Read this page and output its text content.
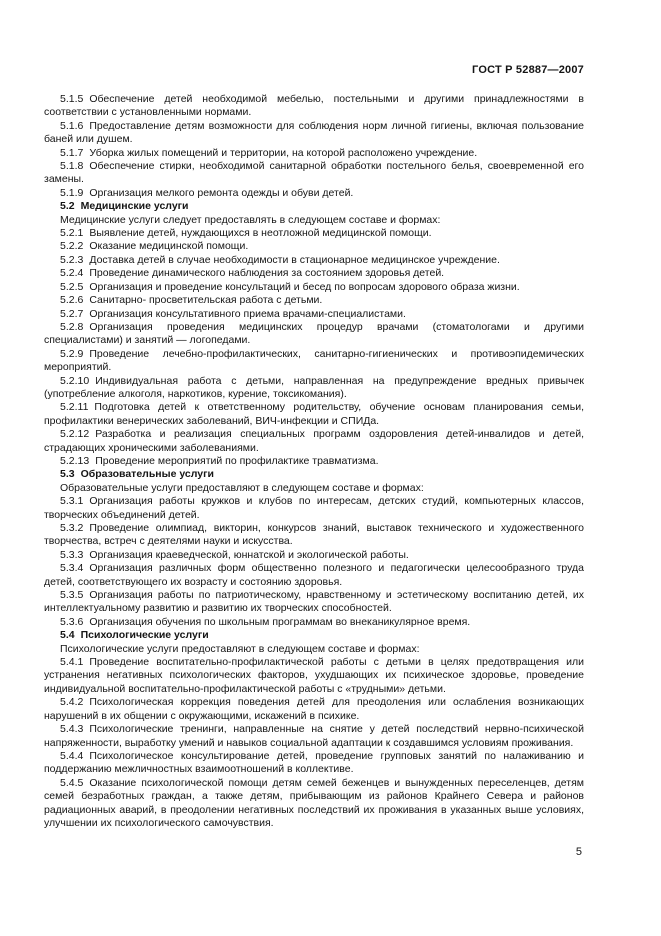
ГОСТ Р 52887—2007

5.1.5 Обеспечение детей необходимой мебелью, постельными и другими принадлежностями в соответствии с установленными нормами.

5.1.6 Предоставление детям возможности для соблюдения норм личной гигиены, включая пользование баней или душем.

5.1.7 Уборка жилых помещений и территории, на которой расположено учреждение.

5.1.8 Обеспечение стирки, необходимой санитарной обработки постельного белья, своевременной его замены.

5.1.9 Организация мелкого ремонта одежды и обуви детей.

5.2 Медицинские услуги

Медицинские услуги следует предоставлять в следующем составе и формах:

5.2.1 Выявление детей, нуждающихся в неотложной медицинской помощи.

5.2.2 Оказание медицинской помощи.

5.2.3 Доставка детей в случае необходимости в стационарное медицинское учреждение.

5.2.4 Проведение динамического наблюдения за состоянием здоровья детей.

5.2.5 Организация и проведение консультаций и бесед по вопросам здорового образа жизни.

5.2.6 Санитарно- просветительская работа с детьми.

5.2.7 Организация консультативного приема врачами-специалистами.

5.2.8 Организация проведения медицинских процедур врачами (стоматологами и другими специалистами) и занятий — логопедами.

5.2.9 Проведение лечебно-профилактических, санитарно-гигиенических и противоэпидемических мероприятий.

5.2.10 Индивидуальная работа с детьми, направленная на предупреждение вредных привычек (употребление алкоголя, наркотиков, курение, токсикомания).

5.2.11 Подготовка детей к ответственному родительству, обучение основам планирования семьи, профилактики венерических заболеваний, ВИЧ-инфекции и СПИДа.

5.2.12 Разработка и реализация специальных программ оздоровления детей-инвалидов и детей, страдающих хроническими заболеваниями.

5.2.13 Проведение мероприятий по профилактике травматизма.

5.3 Образовательные услуги

Образовательные услуги предоставляют в следующем составе и формах:

5.3.1 Организация работы кружков и клубов по интересам, детских студий, компьютерных классов, творческих объединений детей.

5.3.2 Проведение олимпиад, викторин, конкурсов знаний, выставок технического и художественного творчества, встреч с деятелями науки и искусства.

5.3.3 Организация краеведческой, юннатской и экологической работы.

5.3.4 Организация различных форм общественно полезного и педагогически целесообразного труда детей, соответствующего их возрасту и состоянию здоровья.

5.3.5 Организация работы по патриотическому, нравственному и эстетическому воспитанию детей, их интеллектуальному развитию и развитию их творческих способностей.

5.3.6 Организация обучения по школьным программам во внеканикулярное время.

5.4 Психологические услуги

Психологические услуги предоставляют в следующем составе и формах:

5.4.1 Проведение воспитательно-профилактической работы с детьми в целях предотвращения или устранения негативных психологических факторов, ухудшающих их психическое здоровье, проведение индивидуальной воспитательно-профилактической работы с «трудными» детьми.

5.4.2 Психологическая коррекция поведения детей для преодоления или ослабления возникающих нарушений в их общении с окружающими, искажений в психике.

5.4.3 Психологические тренинги, направленные на снятие у детей последствий нервно-психической напряженности, выработку умений и навыков социальной адаптации к создавшимся условиям проживания.

5.4.4 Психологическое консультирование детей, проведение групповых занятий по налаживанию и поддержанию межличностных взаимоотношений в коллективе.

5.4.5 Оказание психологической помощи детям семей беженцев и вынужденных переселенцев, детям семей безработных граждан, а также детям, прибывающим из районов Крайнего Севера и районов радиационных аварий, в преодолении негативных последствий их проживания в указанных выше условиях, улучшении их психологического самочувствия.

5
